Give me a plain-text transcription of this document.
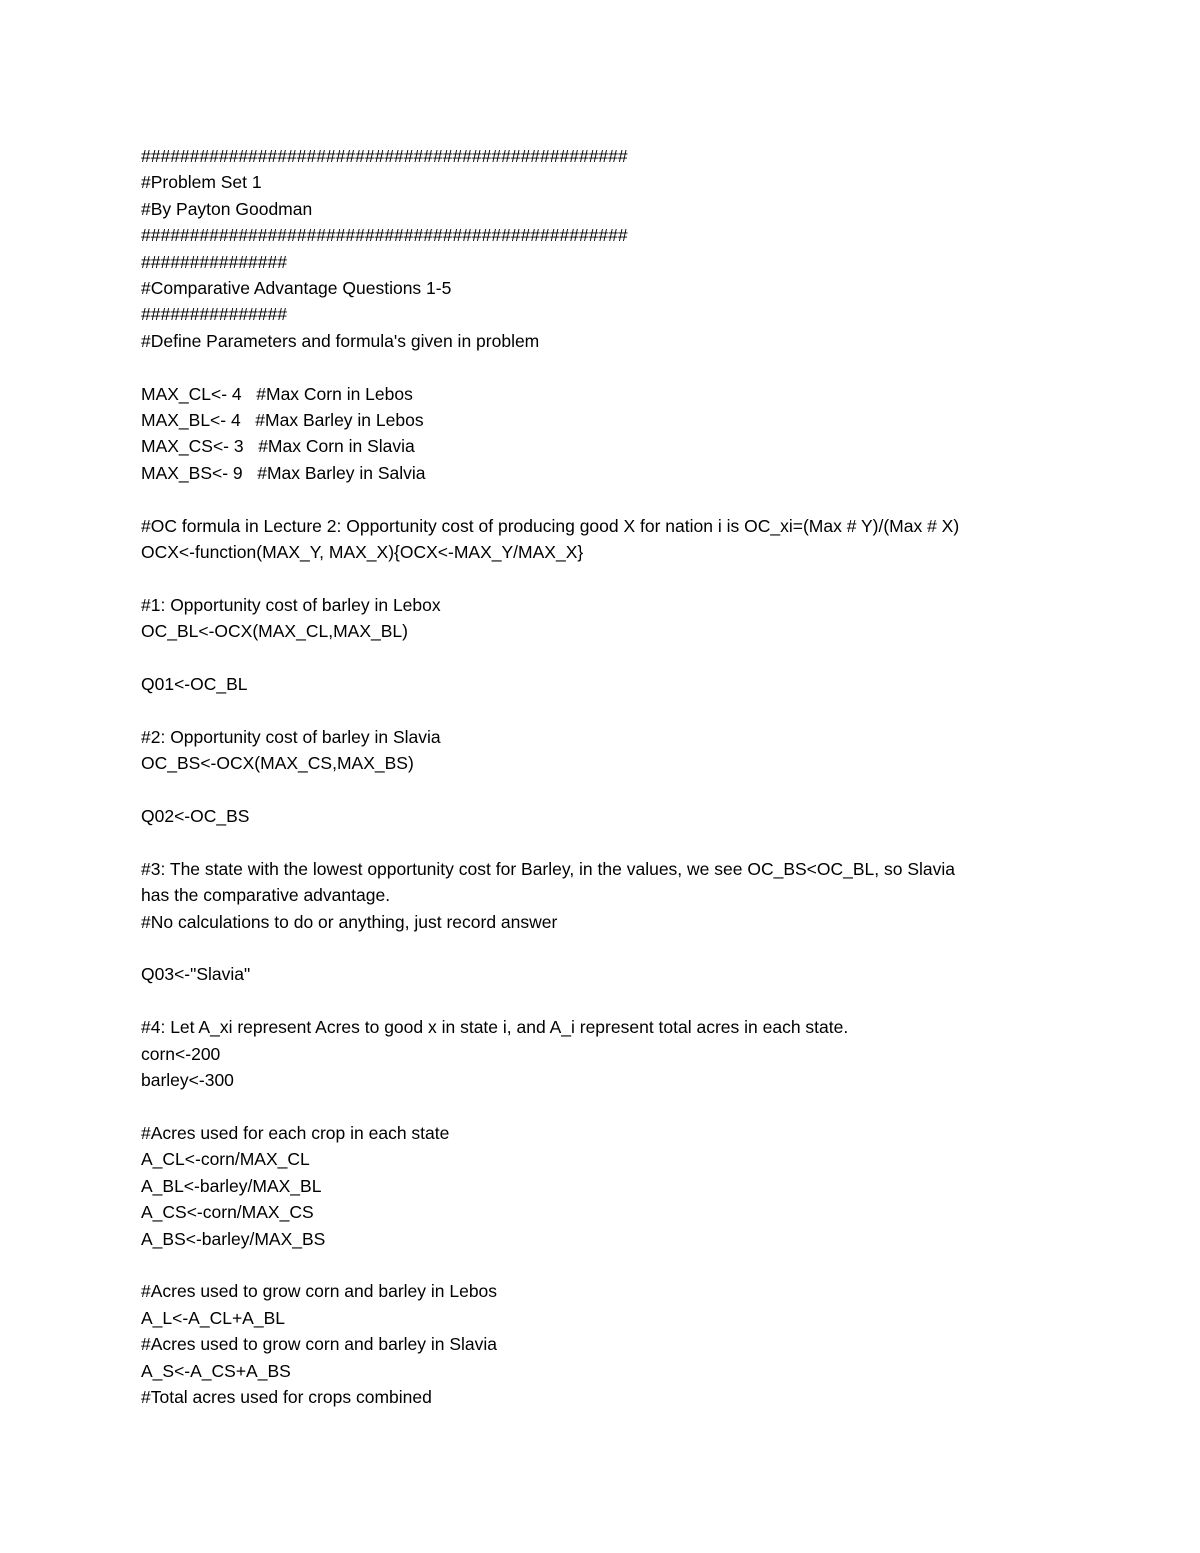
##################################################
#Problem Set 1
#By Payton Goodman
##################################################
###############
#Comparative Advantage Questions 1-5
###############
#Define Parameters and formula's given in problem
MAX_CL<- 4   #Max Corn in Lebos
MAX_BL<- 4   #Max Barley in Lebos
MAX_CS<- 3   #Max Corn in Slavia
MAX_BS<- 9   #Max Barley in Salvia
#OC formula in Lecture 2: Opportunity cost of producing good X for nation i is OC_xi=(Max # Y)/(Max # X)
OCX<-function(MAX_Y, MAX_X){OCX<-MAX_Y/MAX_X}
#1: Opportunity cost of barley in Lebox
OC_BL<-OCX(MAX_CL,MAX_BL)
Q01<-OC_BL
#2: Opportunity cost of barley in Slavia
OC_BS<-OCX(MAX_CS,MAX_BS)
Q02<-OC_BS
#3: The state with the lowest opportunity cost for Barley, in the values, we see OC_BS<OC_BL, so Slavia
has the comparative advantage.
#No calculations to do or anything, just record answer
Q03<-"Slavia"
#4: Let A_xi represent Acres to good x in state i, and A_i represent total acres in each state.
corn<-200
barley<-300
#Acres used for each crop in each state
A_CL<-corn/MAX_CL
A_BL<-barley/MAX_BL
A_CS<-corn/MAX_CS
A_BS<-barley/MAX_BS
#Acres used to grow corn and barley in Lebos
A_L<-A_CL+A_BL
#Acres used to grow corn and barley in Slavia
A_S<-A_CS+A_BS
#Total acres used for crops combined
